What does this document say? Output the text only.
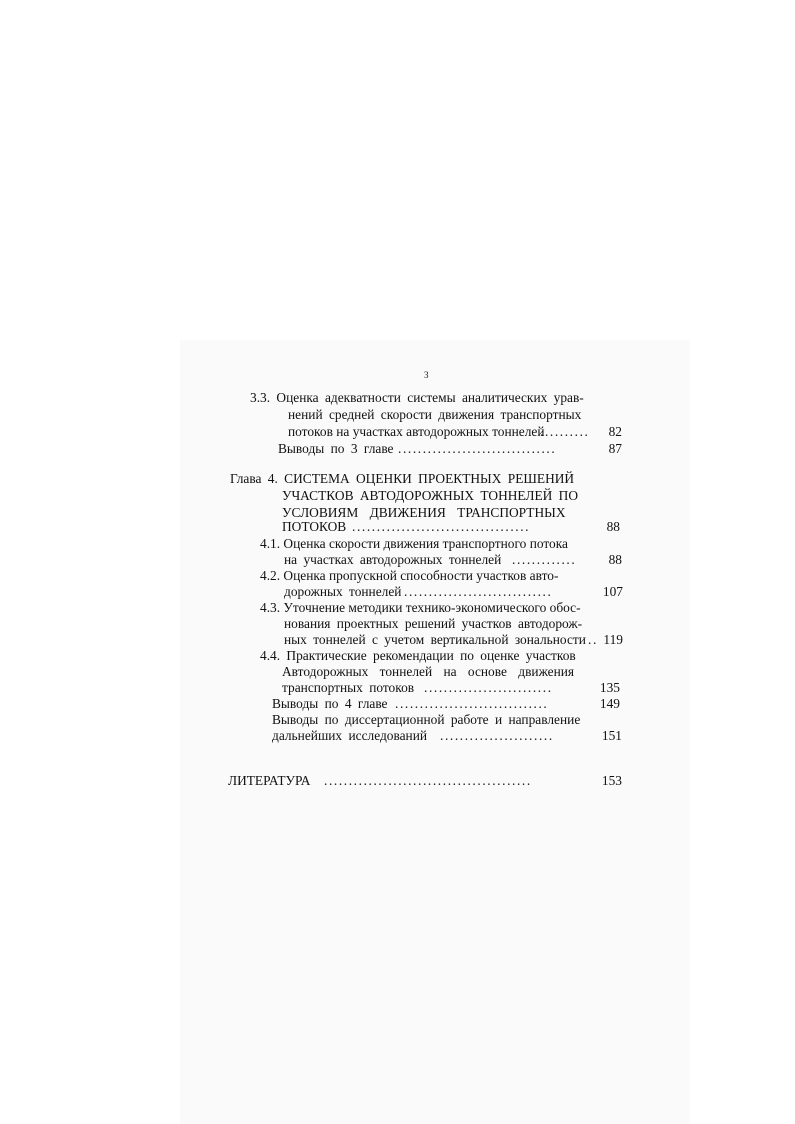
3
3.3. Оценка адекватности системы аналитических урав-
нений средней скорости движения транспортных
потоков на участках автодорожных тоннелей
..........	82
Выводы по 3 главе ................................	87
Глава 4. СИСТЕМА ОЦЕНКИ ПРОЕКТНЫХ РЕШЕНИЙ
УЧАСТКОВ АВТОДОРОЖНЫХ ТОННЕЛЕЙ ПО
УСЛОВИЯМ ДВИЖЕНИЯ ТРАНСПОРТНЫХ
ПОТОКОВ ....................................	88
4.1. Оценка скорости движения транспортного потока
на участках автодорожных тоннелей .............	88
4.2. Оценка пропускной способности участков авто-
дорожных тоннелей ..............................	107
4.3. Уточнение методики технико-экономического обос-
нования проектных решений участков автодорож-
ных тоннелей с учетом вертикальной зональности .. 119
4.4. Практические рекомендации по оценке участков
Автодорожных тоннелей на основе движения
транспортных потоков ..........................	135
Выводы по 4 главе ...............................	149
Выводы по диссертационной работе и направление
дальнейших исследований .......................	151
ЛИТЕРАТУРА ..........................................	153
